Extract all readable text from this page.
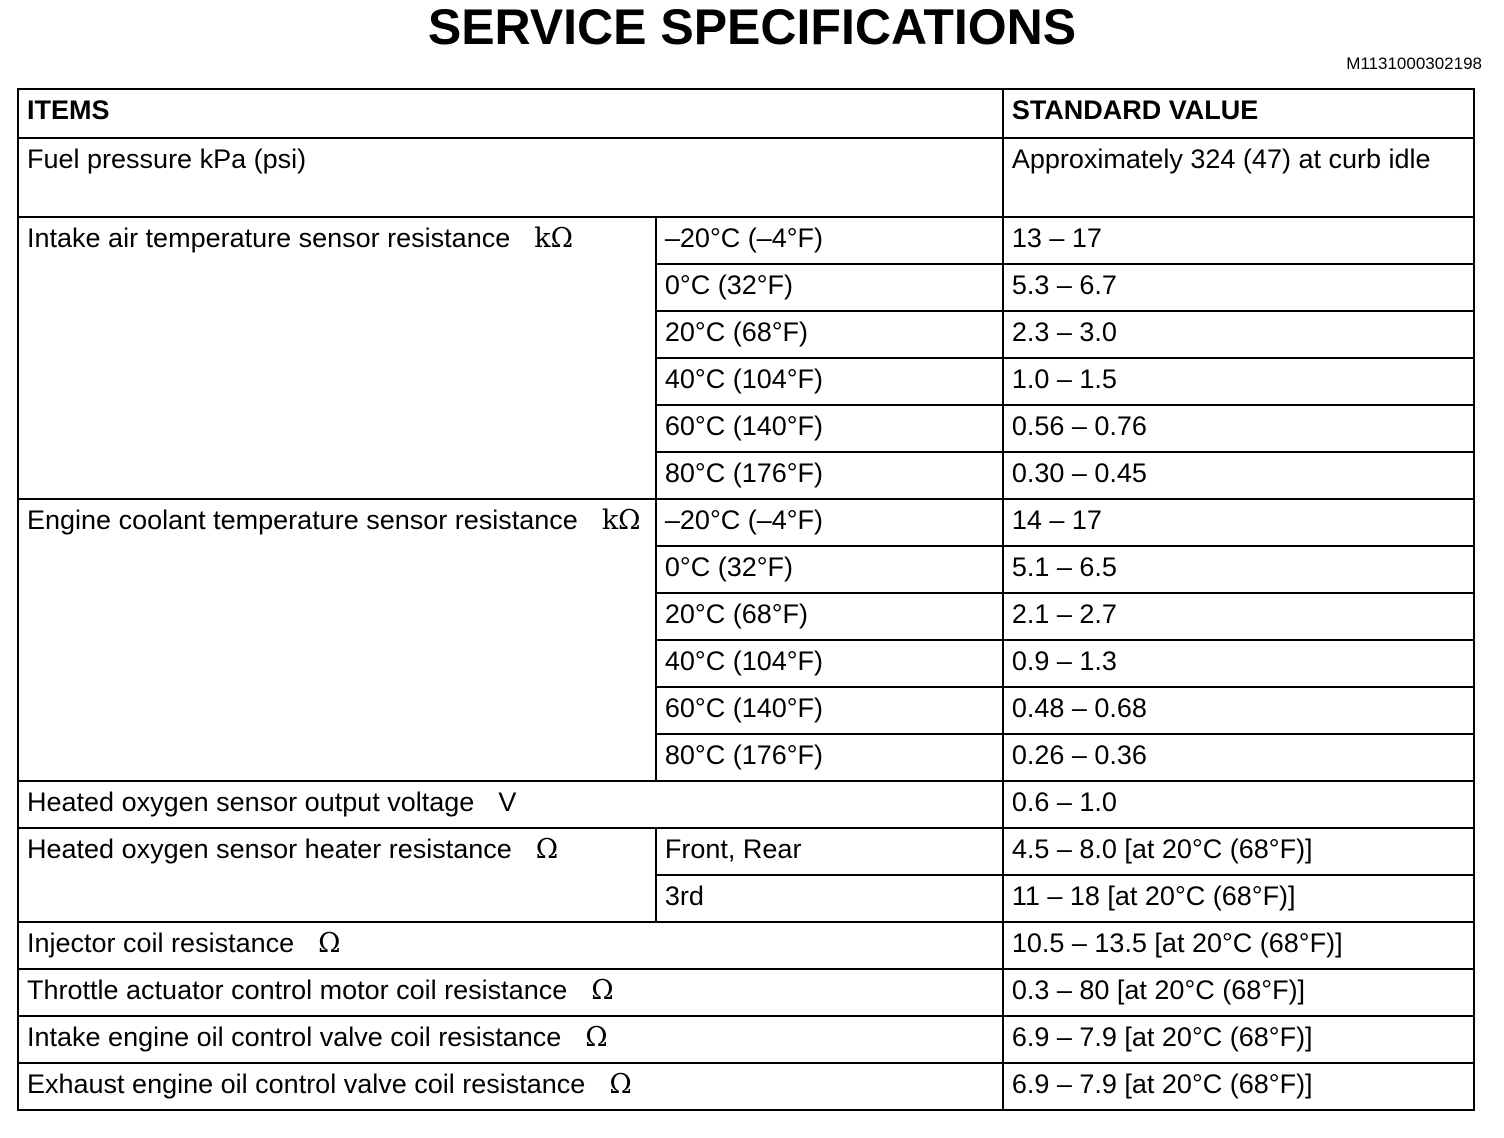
SERVICE SPECIFICATIONS
M1131000302198
ITEMS		STANDARD VALUE
Fuel pressure kPa (psi)		Approximately 324 (47) at curb idle
Intake air temperature sensor resistance kΩ	–20°C (–4°F)	13 – 17
	0°C (32°F)	5.3 – 6.7
	20°C (68°F)	2.3 – 3.0
	40°C (104°F)	1.0 – 1.5
	60°C (140°F)	0.56 – 0.76
	80°C (176°F)	0.30 – 0.45
Engine coolant temperature sensor resistance kΩ	–20°C (–4°F)	14 – 17
	0°C (32°F)	5.1 – 6.5
	20°C (68°F)	2.1 – 2.7
	40°C (104°F)	0.9 – 1.3
	60°C (140°F)	0.48 – 0.68
	80°C (176°F)	0.26 – 0.36
Heated oxygen sensor output voltage V		0.6 – 1.0
Heated oxygen sensor heater resistance Ω	Front, Rear	4.5 – 8.0 [at 20°C (68°F)]
	3rd	11 – 18 [at 20°C (68°F)]
Injector coil resistance Ω		10.5 – 13.5 [at 20°C (68°F)]
Throttle actuator control motor coil resistance Ω		0.3 – 80 [at 20°C (68°F)]
Intake engine oil control valve coil resistance Ω		6.9 – 7.9 [at 20°C (68°F)]
Exhaust engine oil control valve coil resistance Ω		6.9 – 7.9 [at 20°C (68°F)]
